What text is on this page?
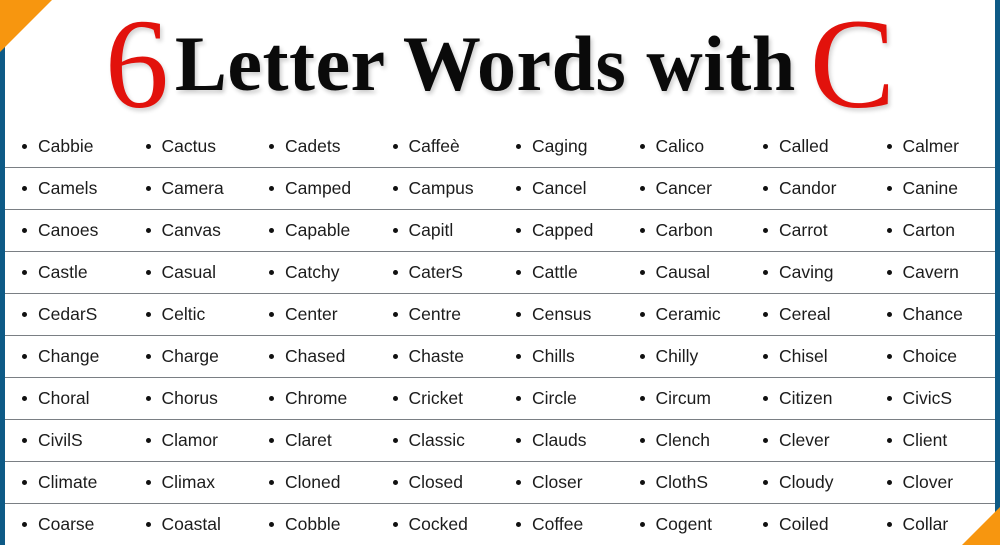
6 Letter Words with C
Cabbie	Cactus	Cadets	Caffeè	Caging	Calico	Called	Calmer
Camels	Camera	Camped	Campus	Cancel	Cancer	Candor	Canine
Canoes	Canvas	Capable	Capitl	Capped	Carbon	Carrot	Carton
Castle	Casual	Catchy	CaterS	Cattle	Causal	Caving	Cavern
CedarS	Celtic	Center	Centre	Census	Ceramic	Cereal	Chance
Change	Charge	Chased	Chaste	Chills	Chilly	Chisel	Choice
Choral	Chorus	Chrome	Cricket	Circle	Circum	Citizen	CivicS
CivilS	Clamor	Claret	Classic	Clauds	Clench	Clever	Client
Climate	Climax	Cloned	Closed	Closer	ClothS	Cloudy	Clover
Coarse	Coastal	Cobble	Cocked	Coffee	Cogent	Coiled	Collar
